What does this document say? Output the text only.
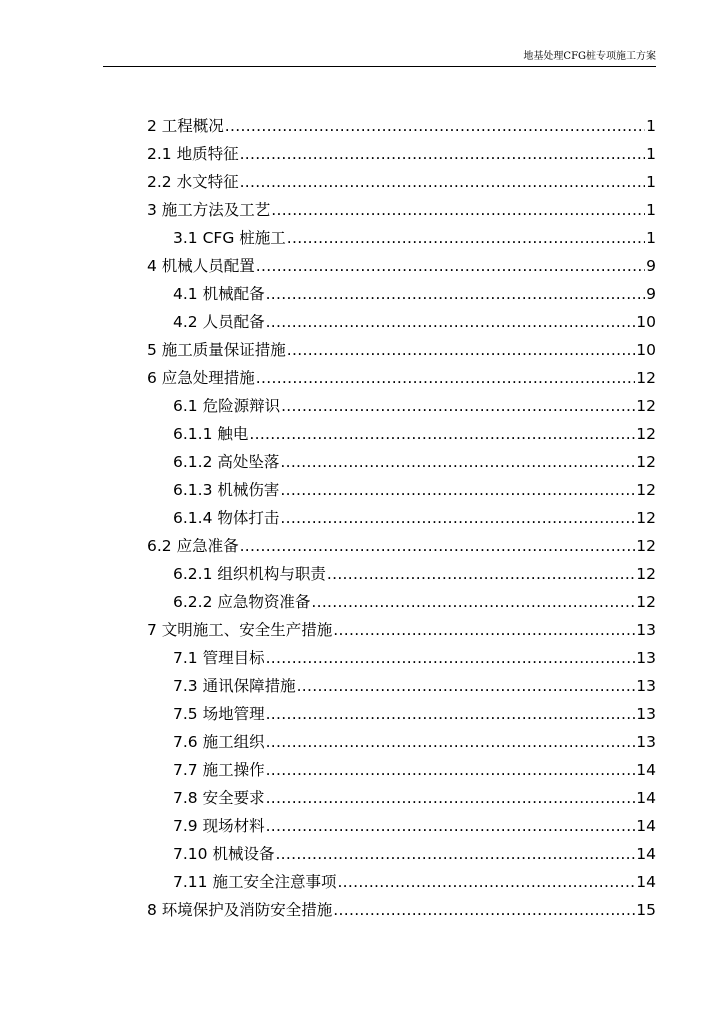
地基处理CFG桩专项施工方案
2 工程概况 .....	1
2.1 地质特征 .....	1
2.2 水文特征 .....	1
3 施工方法及工艺 .....	1
3.1 CFG 桩施工 .....	1
4 机械人员配置 .....	9
4.1 机械配备 .....	9
4.2 人员配备 .....	10
5 施工质量保证措施 .....	10
6 应急处理措施 .....	12
6.1 危险源辩识 .....	12
6.1.1 触电 .....	12
6.1.2 高处坠落 .....	12
6.1.3 机械伤害 .....	12
6.1.4 物体打击 .....	12
6.2 应急准备 .....	12
6.2.1 组织机构与职责 .....	12
6.2.2 应急物资准备 .....	12
7 文明施工、安全生产措施 .....	13
7.1 管理目标 .....	13
7.3 通讯保障措施 .....	13
7.5 场地管理 .....	13
7.6 施工组织 .....	13
7.7 施工操作 .....	14
7.8 安全要求 .....	14
7.9 现场材料 .....	14
7.10 机械设备 .....	14
7.11 施工安全注意事项 .....	14
8 环境保护及消防安全措施 .....	15
